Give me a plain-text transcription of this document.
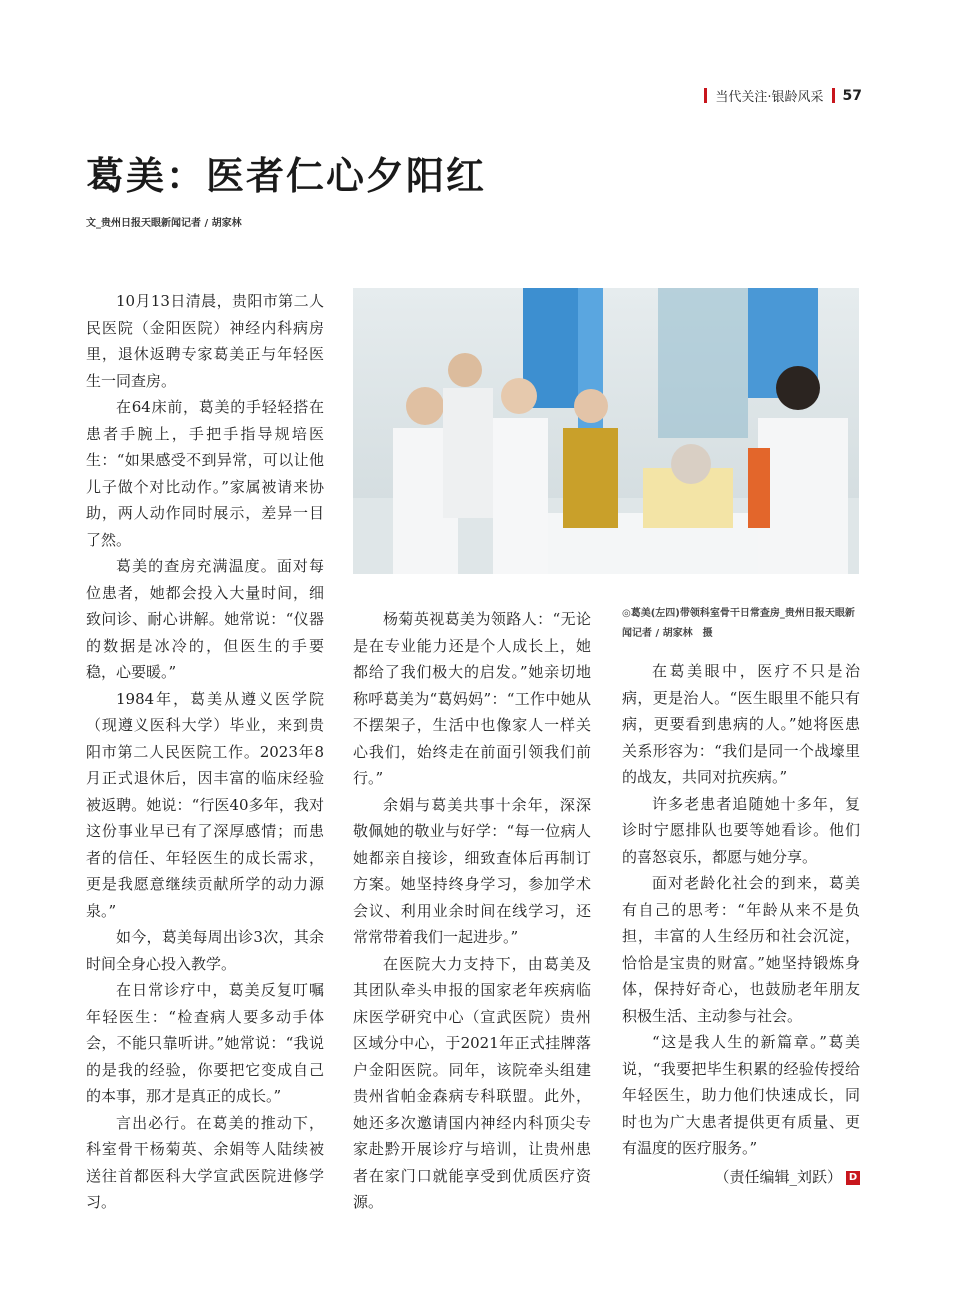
当代关注·银龄风采 57
葛美：医者仁心夕阳红
文_贵州日报天眼新闻记者 / 胡家林

10月13日清晨，贵阳市第二人民医院（金阳医院）神经内科病房里，退休返聘专家葛美正与年轻医生一同查房。

在64床前，葛美的手轻轻搭在患者手腕上，手把手指导规培医生：“如果感受不到异常，可以让他儿子做个对比动作。”家属被请来协助，两人动作同时展示，差异一目了然。

葛美的查房充满温度。面对每位患者，她都会投入大量时间，细致问诊、耐心讲解。她常说：“仪器的数据是冰冷的，但医生的手要稳，心要暖。”

1984年，葛美从遵义医学院（现遵义医科大学）毕业，来到贵阳市第二人民医院工作。2023年8月正式退休后，因丰富的临床经验被返聘。她说：“行医40多年，我对这份事业早已有了深厚感情；而患者的信任、年轻医生的成长需求，更是我愿意继续贡献所学的动力源泉。”

如今，葛美每周出诊3次，其余时间全身心投入教学。

在日常诊疗中，葛美反复叮嘱年轻医生：“检查病人要多动手体会，不能只靠听讲。”她常说：“我说的是我的经验，你要把它变成自己的本事，那才是真正的成长。”

言出必行。在葛美的推动下，科室骨干杨菊英、余娟等人陆续被送往首都医科大学宣武医院进修学习。

◎葛美(左四)带领科室骨干日常查房_贵州日报天眼新闻记者 / 胡家林　摄

杨菊英视葛美为领路人：“无论是在专业能力还是个人成长上，她都给了我们极大的启发。”她亲切地称呼葛美为“葛妈妈”：“工作中她从不摆架子，生活中也像家人一样关心我们，始终走在前面引领我们前行。”

余娟与葛美共事十余年，深深敬佩她的敬业与好学：“每一位病人她都亲自接诊，细致查体后再制订方案。她坚持终身学习，参加学术会议、利用业余时间在线学习，还常常带着我们一起进步。”

在医院大力支持下，由葛美及其团队牵头申报的国家老年疾病临床医学研究中心（宣武医院）贵州区域分中心，于2021年正式挂牌落户金阳医院。同年，该院牵头组建贵州省帕金森病专科联盟。此外，她还多次邀请国内神经内科顶尖专家赴黔开展诊疗与培训，让贵州患者在家门口就能享受到优质医疗资源。

在葛美眼中，医疗不只是治病，更是治人。“医生眼里不能只有病，更要看到患病的人。”她将医患关系形容为：“我们是同一个战壕里的战友，共同对抗疾病。”

许多老患者追随她十多年，复诊时宁愿排队也要等她看诊。他们的喜怒哀乐，都愿与她分享。

面对老龄化社会的到来，葛美有自己的思考：“年龄从来不是负担，丰富的人生经历和社会沉淀，恰恰是宝贵的财富。”她坚持锻炼身体，保持好奇心，也鼓励老年朋友积极生活、主动参与社会。

“这是我人生的新篇章。”葛美说，“我要把毕生积累的经验传授给年轻医生，助力他们快速成长，同时也为广大患者提供更有质量、更有温度的医疗服务。”

（责任编辑_刘跃） D
